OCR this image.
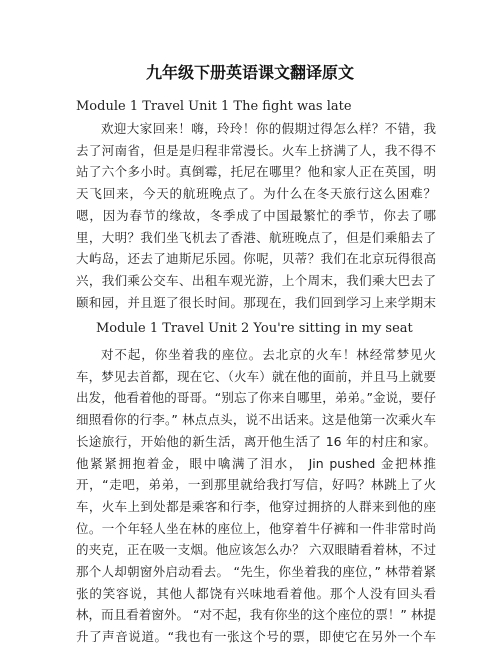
九年级下册英语课文翻译原文
Module 1 Travel Unit 1 The fight was late

欢迎大家回来！嗨，玲玲！你的假期过得怎么样？不错，我去了河南省，但是是归程非常漫长。火车上挤满了人，我不得不站了六个多小时。真倒霉，托尼在哪里？他和家人正在英国，明天飞回来，今天的航班晚点了。为什么在冬天旅行这么困难？嗯，因为春节的缘故，冬季成了中国最繁忙的季节，你去了哪里，大明？我们坐飞机去了香港、航班晚点了，但是们乘船去了大屿岛，还去了迪斯尼乐园。你呢，贝蒂？我们在北京玩得很高兴，我们乘公交车、出租车观光游，上个周末，我们乘大巴去了颐和园，并且逛了很长时间。那现在，我们回到学习上来学期末

Module 1 Travel Unit 2 You're sitting in my seat

对不起，你坐着我的座位。去北京的火车！林经常梦见火车，梦见去首都，现在它、（火车）就在他的面前，并且马上就要出发，他看着他的哥哥。“别忘了你来自哪里，弟弟。”金说，要仔细照看你的行李。” 林点点头，说不出话来。这是他第一次乘火车长途旅行，开始他的新生活，离开他生活了 16 年的村庄和家。他紧紧拥抱着金，眼中噙满了泪水， Jin pushed 金把林推开，“走吧，弟弟，一到那里就给我打写信，好吗？林跳上了火车，火车上到处都是乘客和行李，他穿过拥挤的人群来到他的座位。一个年轻人坐在林的座位上，他穿着牛仔裤和一件非常时尚的夹克，正在吸一支烟。他应该怎么办？ 六双眼睛看着林，不过那个人却朝窗外启动看去。 “先生，你坐着我的座位，” 林带着紧张的笑容说，其他人都饶有兴味地看着他。那个人没有回头看林，而且看着窗外。 “对不起，我有你坐的这个座位的票！” 林提升了声音说道。“我也有一张这个号的票，即使它在另外一个车
